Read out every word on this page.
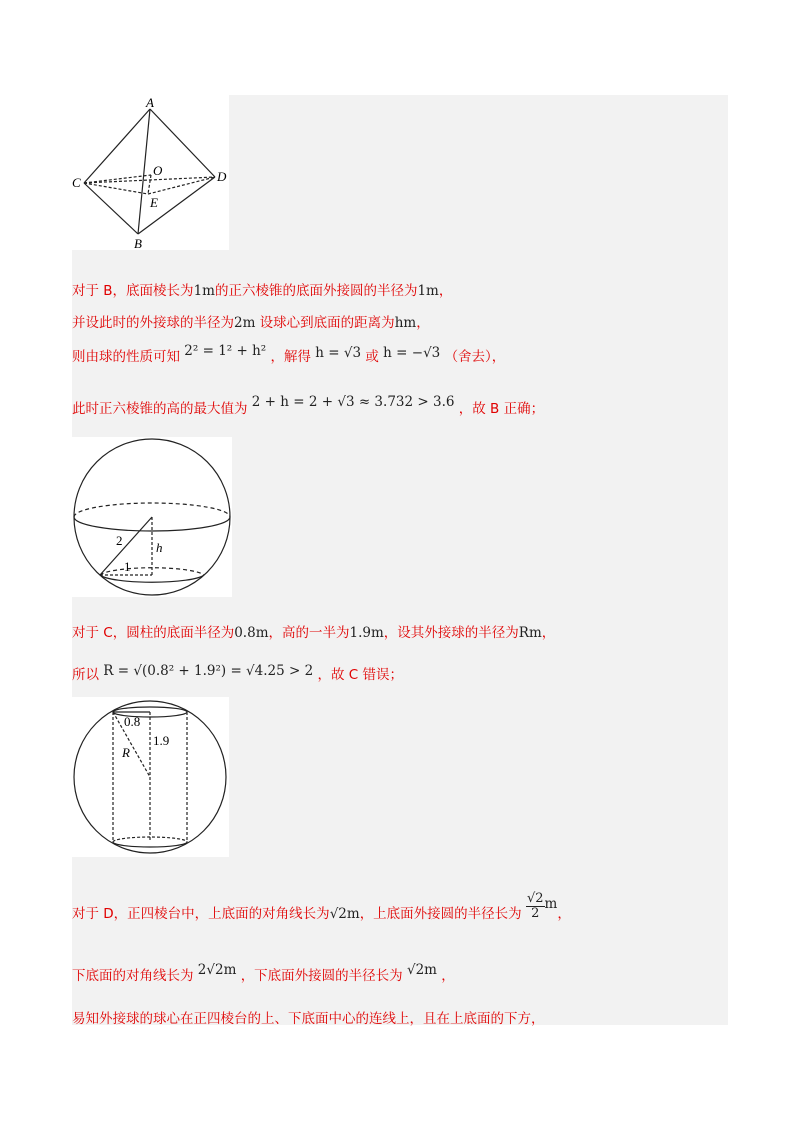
A
C	D
B
O
E
对于 B，底面棱长为1m的正六棱锥的底面外接圆的半径为1m，
并设此时的外接球的半径为2m 设球心到底面的距离为hm，
则由球的性质可知 2² = 1² + h² ，解得 h = √3 或 h = −√3 （舍去），
此时正六棱锥的高的最大值为 2 + h = 2 + √3 ≈ 3.732 > 3.6 ，故 B 正确；
2
1
h
对于 C，圆柱的底面半径为0.8m，高的一半为1.9m，设其外接球的半径为Rm，
所以 R = √(0.8² + 1.9²) = √4.25 > 2 ，故 C 错误；
0.8
1.9
R
对于 D，正四棱台中，上底面的对角线长为√2m，上底面外接圆的半径长为 $\frac{√2}{2}$ m，
下底面的对角线长为 2√2m ，下底面外接圆的半径长为 √2m ，
易知外接球的球心在正四棱台的上、下底面中心的连线上，且在上底面的下方，
